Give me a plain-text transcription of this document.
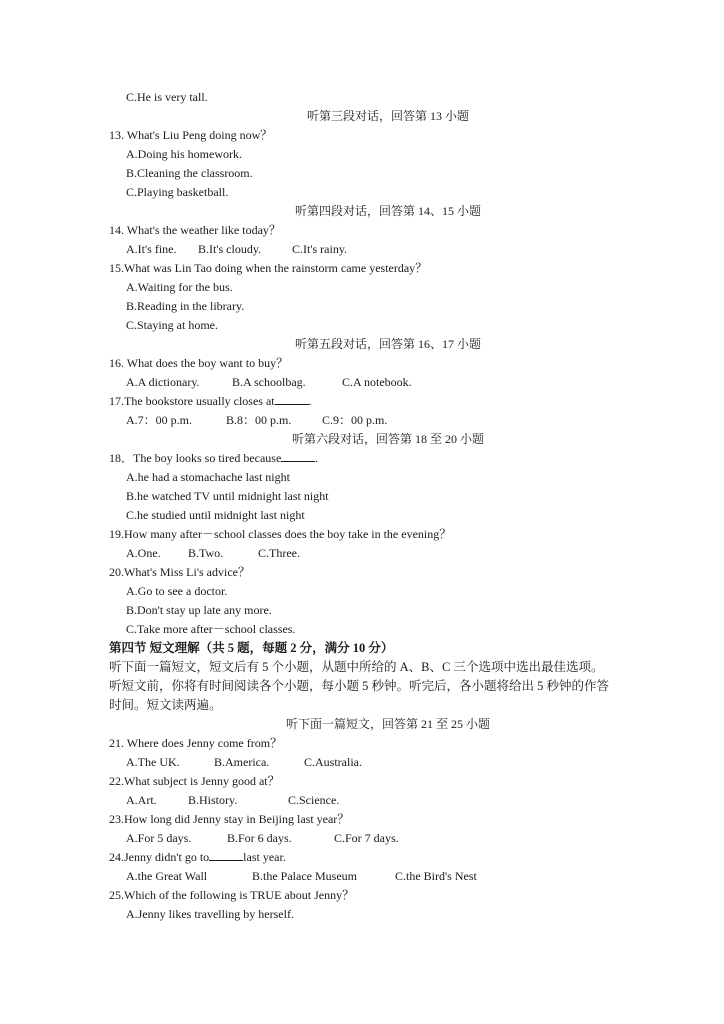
C.He is very tall.
听第三段对话，回答第 13 小题
13. What's Liu Peng doing now？
A.Doing his homework.
B.Cleaning the classroom.
C.Playing basketball.
听第四段对话，回答第 14、15 小题
14. What's the weather like today？
A.It's fine. B.It's cloudy.	C.It's rainy.
15.What was Lin Tao doing when the rainstorm came yesterday？
A.Waiting for the bus.
B.Reading in the library.
C.Staying at home.
听第五段对话，回答第 16、17 小题
16. What does the boy want to buy？
A.A dictionary.	B.A schoolbag.	C.A notebook.
17.The bookstore usually closes at	.
A.7：00 p.m.	B.8：00 p.m.	C.9：00 p.m.
听第六段对话，回答第 18 至 20 小题
18．The boy looks so tired because	.
A.he had a stomachache last night
B.he watched TV until midnight last night
C.he studied until midnight last night
19.How many after－school classes does the boy take in the evening？
A.One. B.Two.	C.Three.
20.What's Miss Li's advice？
A.Go to see a doctor.
B.Don't stay up late any more.
C.Take more after－school classes.
第四节 短文理解（共 5 题，每题 2 分，满分 10 分）
听下面一篇短文，短文后有 5 个小题，从题中所给的 A、B、C 三个选项中选出最佳选项。
听短文前，你将有时间阅读各个小题，每小题 5 秒钟。听完后，各小题将给出 5 秒钟的作答
时间。短文读两遍。
听下面一篇短文，回答第 21 至 25 小题
21. Where does Jenny come from？
A.The UK.	B.America.	C.Australia.
22.What subject is Jenny good at？
A.Art.	B.History.	C.Science.
23.How long did Jenny stay in Beijing last year？
A.For 5 days.	B.For 6 days.	C.For 7 days.
24.Jenny didn't go to	last year.
A.the Great Wall	B.the Palace Museum	C.the Bird's Nest
25.Which of the following is TRUE about Jenny？
A.Jenny likes travelling by herself.
